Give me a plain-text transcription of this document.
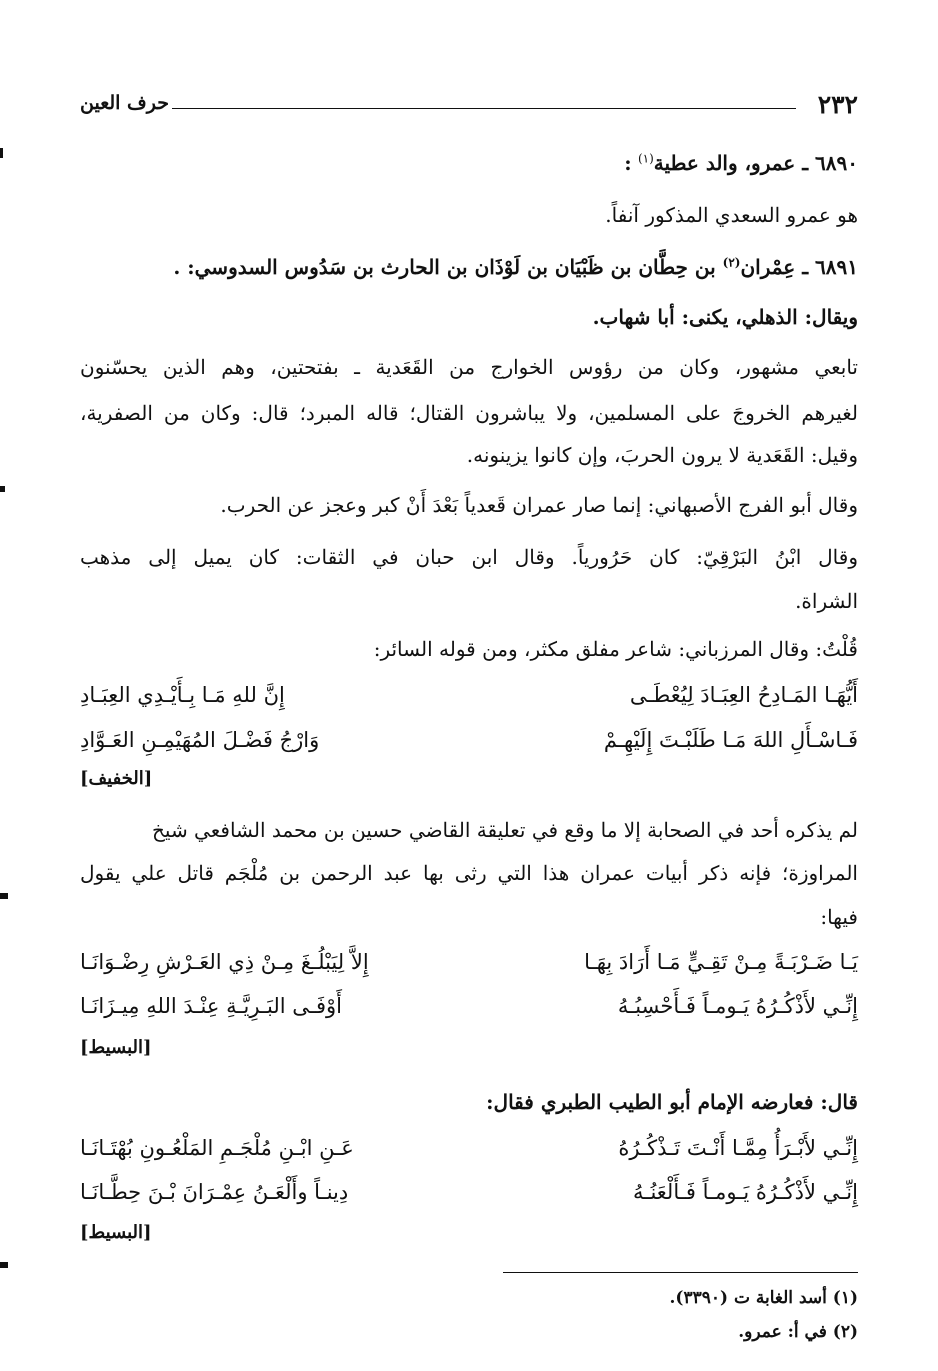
٢٣٢
حرف العين
٦٨٩٠ ـ عمرو، والد عطية$^{(١)}$ :
هو عمرو السعدي المذكور آنفاً.
٦٨٩١ ـ عِمْران$^{(٢)}$ بن حِطَّان بن ظَبْيَان بن لَوْذَان بن الحارث بن سَدُوس السدوسي: .
ويقال: الذهلي، يكنى: أبا شهاب.
تابعي مشهور، وكان من رؤوس الخوارج من القَعَدية ـ بفتحتين، وهم الذين يحسّنون
لغيرهم الخروجَ على المسلمين، ولا يباشرون القتال؛ قاله المبرد؛ قال: وكان من الصفرية،
وقيل: القَعَدية لا يرون الحربَ، وإن كانوا يزينونه.
وقال أبو الفرج الأصبهاني: إنما صار عمران قَعدياً بَعْدَ أَنْ كبر وعجز عن الحرب.
وقال ابْنُ البَرْقِيّ: كان حَرُورياً. وقال ابن حبان في الثقات: كان يميل إلى مذهب
الشراة.
قُلْتُ: وقال المرزباني: شاعر مفلق مكثر، ومن قوله السائر:
أَيُّهَـا المَـادِحُ العِبَـادَ لِيُعْطَـى
إِنَّ للهِ مَـا بِـأَيْـدِي العِبَـادِ
فَـاسْـأَلِ اللهَ مَـا طَلَبْـتَ إِلَيْهِـمْ
وَارْجُ فَضْـلَ المُهَيْمِـنِ العَـوَّادِ
[الخفيف]
لم يذكره أحد في الصحابة إلا ما وقع في تعليقة القاضي حسين بن محمد الشافعي شيخ
المراوزة؛ فإنه ذكر أبيات عمران هذا التي رثى بها عبد الرحمن بن مُلْجَم قاتل علي يقول
فيها:
يَـا ضَـرْبَـةً مِـنْ تَقِـيٍّ مَـا أَرَادَ بِهَـا
إِلاَّ لِيَبْلُـغَ مِـنْ ذِي العَـرْشِ رِضْـوَانَـا
إِنِّـي لأَذْكُـرُهُ يَـومـاً فَـأَحْسِبُـهُ
أَوْفَـى البَـرِيَّـةِ عِنْـدَ اللهِ مِيـزَانَـا
[البسيط]
قال: فعارضه الإمام أبو الطيب الطبري فقال:
إِنِّـي لأَبْـرَأُ مِمَّـا أَنْـتَ تَـذْكُـرُهُ
عَـنِ ابْـنِ مُلْجَـمِ المَلْعُـونِ بُهْتَـانَـا
إِنِّـي لأَذْكُـرُهُ يَـومـاً فَـأَلْعَنُـهُ
دِينـاً وأَلْعَـنُ عِمْـرَانَ بْـنَ حِطَّـانَـا
[البسيط]
(١) أسد الغابة ت (٣٣٩٠).
(٢) في أ: عمرو.
